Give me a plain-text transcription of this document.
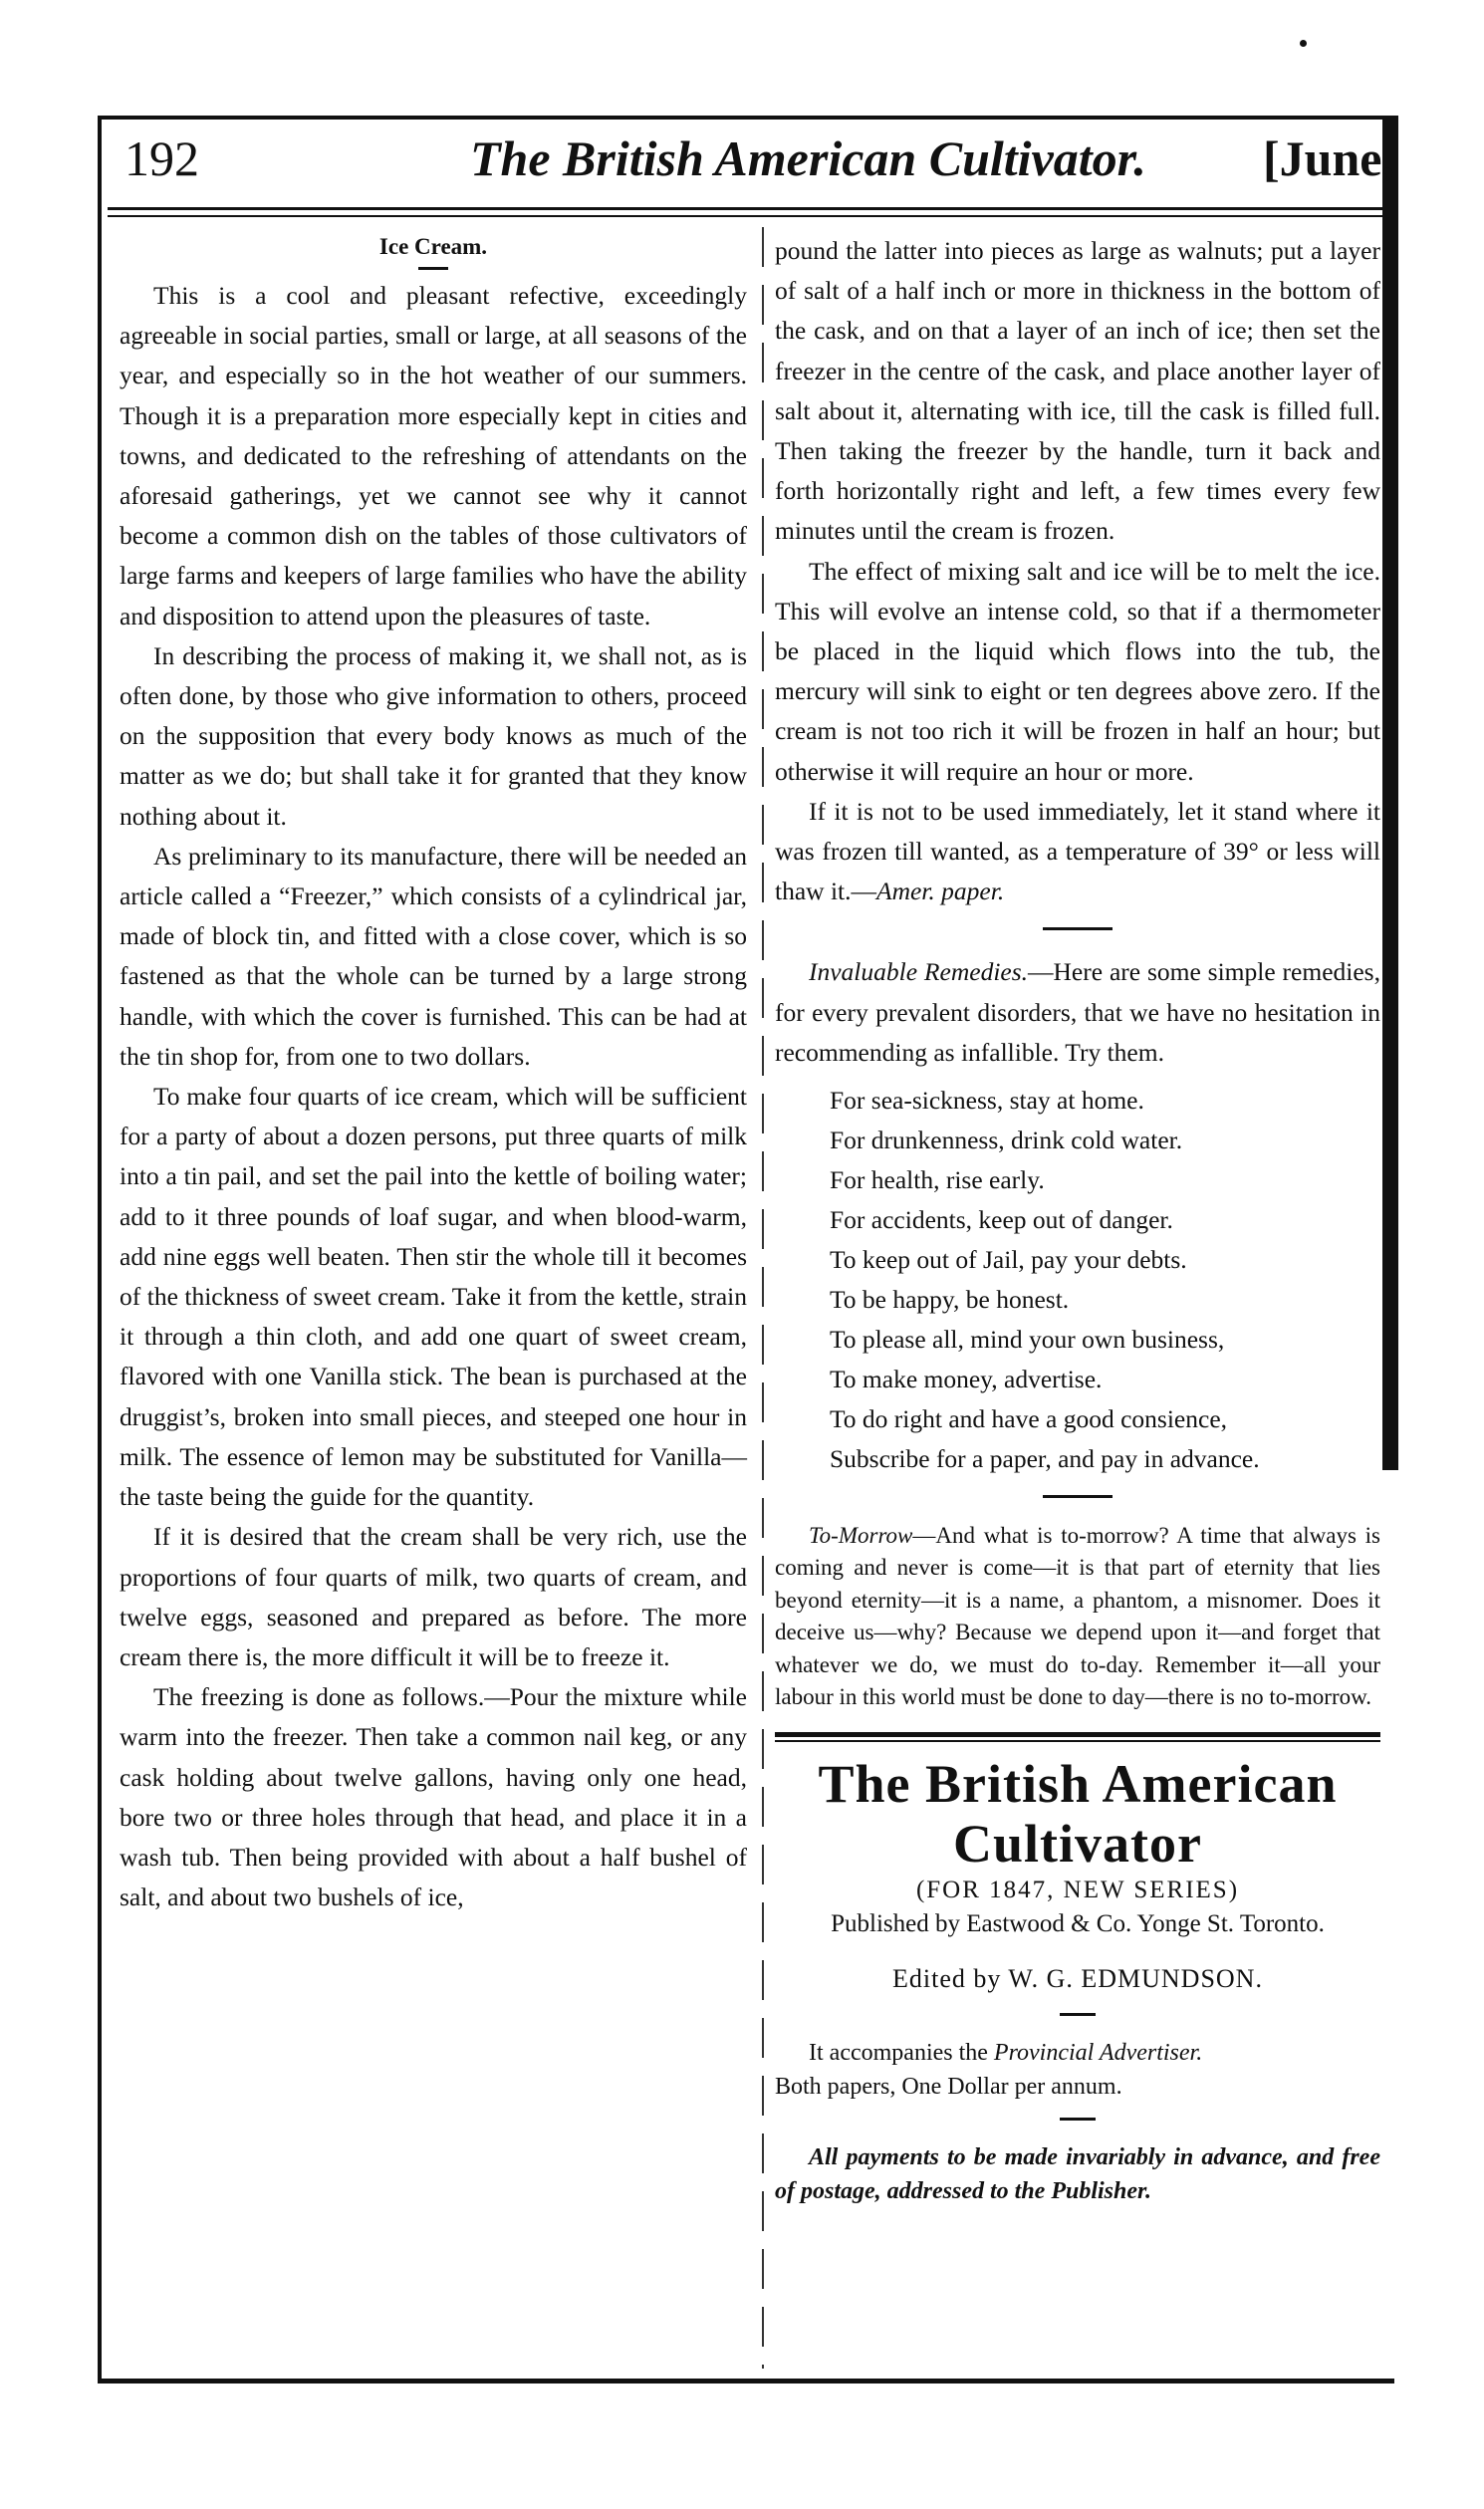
192	The British American Cultivator. [June,
Ice Cream.

This is a cool and pleasant refective, exceedingly agreeable in social parties, small or large, at all seasons of the year, and especially so in the hot weather of our summers. Though it is a preparation more especially kept in cities and towns, and dedicated to the refreshing of attendants on the aforesaid gatherings, yet we cannot see why it cannot become a common dish on the tables of those cultivators of large farms and keepers of large families who have the ability and disposition to attend upon the pleasures of taste.

In describing the process of making it, we shall not, as is often done, by those who give information to others, proceed on the supposition that every body knows as much of the matter as we do; but shall take it for granted that they know nothing about it.

As preliminary to its manufacture, there will be needed an article called a “Freezer,” which consists of a cylindrical jar, made of block tin, and fitted with a close cover, which is so fastened as that the whole can be turned by a large strong handle, with which the cover is furnished. This can be had at the tin shop for, from one to two dollars.

To make four quarts of ice cream, which will be sufficient for a party of about a dozen persons, put three quarts of milk into a tin pail, and set the pail into the kettle of boiling water; add to it three pounds of loaf sugar, and when blood-warm, add nine eggs well beaten. Then stir the whole till it becomes of the thickness of sweet cream. Take it from the kettle, strain it through a thin cloth, and add one quart of sweet cream, flavored with one Vanilla stick. The bean is purchased at the druggist’s, broken into small pieces, and steeped one hour in milk. The essence of lemon may be substituted for Vanilla—the taste being the guide for the quantity.

If it is desired that the cream shall be very rich, use the proportions of four quarts of milk, two quarts of cream, and twelve eggs, seasoned and prepared as before. The more cream there is, the more difficult it will be to freeze it.

The freezing is done as follows.—Pour the mixture while warm into the freezer. Then take a common nail keg, or any cask holding about twelve gallons, having only one head, bore two or three holes through that head, and place it in a wash tub. Then being provided with about a half bushel of salt, and about two bushels of ice,

pound the latter into pieces as large as walnuts; put a layer of salt of a half inch or more in thickness in the bottom of the cask, and on that a layer of an inch of ice; then set the freezer in the centre of the cask, and place another layer of salt about it, alternating with ice, till the cask is filled full. Then taking the freezer by the handle, turn it back and forth horizontally right and left, a few times every few minutes until the cream is frozen.

The effect of mixing salt and ice will be to melt the ice. This will evolve an intense cold, so that if a thermometer be placed in the liquid which flows into the tub, the mercury will sink to eight or ten degrees above zero. If the cream is not too rich it will be frozen in half an hour; but otherwise it will require an hour or more.

If it is not to be used immediately, let it stand where it was frozen till wanted, as a temperature of 39° or less will thaw it.—Amer. paper.

Invaluable Remedies.—Here are some simple remedies, for every prevalent disorders, that we have no hesitation in recommending as infallible. Try them.

For sea-sickness, stay at home.
For drunkenness, drink cold water.
For health, rise early.
For accidents, keep out of danger.
To keep out of Jail, pay your debts.
To be happy, be honest.
To please all, mind your own business,
To make money, advertise.
To do right and have a good consience,
Subscribe for a paper, and pay in advance.

To-Morrow—And what is to-morrow? A time that always is coming and never is come—it is that part of eternity that lies beyond eternity—it is a name, a phantom, a misnomer. Does it deceive us—why? Because we depend upon it—and forget that whatever we do, we must do to-day. Remember it—all your labour in this world must be done to day—there is no to-morrow.

The British American Cultivator
(FOR 1847, NEW SERIES)
Published by Eastwood & Co. Yonge St. Toronto.
Edited by W. G. EDMUNDSON.

It accompanies the Provincial Advertiser.

Both papers, One Dollar per annum.

All payments to be made invariably in advance, and free of postage, addressed to the Publisher.
